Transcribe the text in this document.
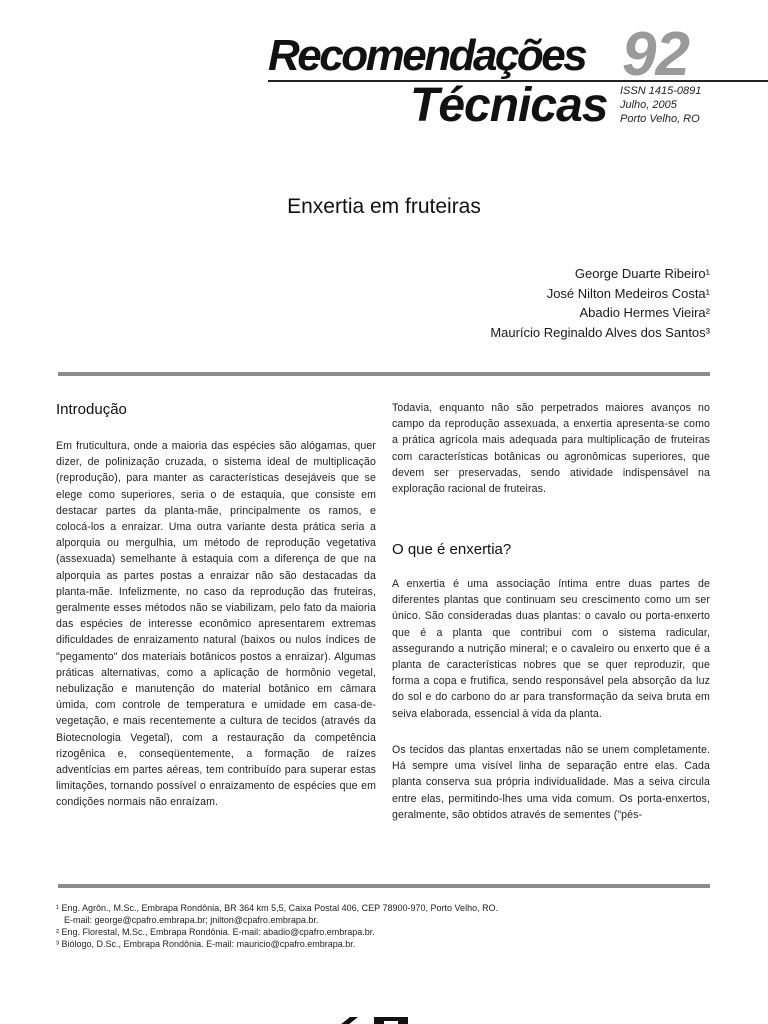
Recomendações
Técnicas
92
ISSN 1415-0891
Julho, 2005
Porto Velho, RO
Enxertia em fruteiras
George Duarte Ribeiro¹
José Nilton Medeiros Costa¹
Abadio Hermes Vieira²
Maurício Reginaldo Alves dos Santos³
Introdução

Em fruticultura, onde a maioria das espécies são alógamas, quer dizer, de polinização cruzada, o sistema ideal de multiplicação (reprodução), para manter as características desejáveis que se elege como superiores, seria o de estaquia, que consiste em destacar partes da planta-mãe, principalmente os ramos, e colocá-los a enraizar. Uma outra variante desta prática seria a alporquia ou mergulhia, um método de reprodução vegetativa (assexuada) semelhante à estaquia com a diferença de que na alporquia as partes postas a enraizar não são destacadas da planta-mãe. Infelizmente, no caso da reprodução das fruteiras, geralmente esses métodos não se viabilizam, pelo fato da maioria das espécies de interesse econômico apresentarem extremas dificuldades de enraizamento natural (baixos ou nulos índices de "pegamento" dos materiais botânicos postos a enraizar). Algumas práticas alternativas, como a aplicação de hormônio vegetal, nebulização e manutenção do material botânico em câmara úmida, com controle de temperatura e umidade em casa-de-vegetação, e mais recentemente a cultura de tecidos (através da Biotecnologia Vegetal), com a restauração da competência rizogênica e, conseqüentemente, a formação de raízes adventícias em partes aéreas, tem contribuído para superar estas limitações, tornando possível o enraizamento de espécies que em condições normais não enraízam.

Todavia, enquanto não são perpetrados maiores avanços no campo da reprodução assexuada, a enxertia apresenta-se como a prática agrícola mais adequada para multiplicação de fruteiras com características botânicas ou agronômicas superiores, que devem ser preservadas, sendo atividade indispensável na exploração racional de fruteiras.

O que é enxertia?

A enxertia é uma associação íntima entre duas partes de diferentes plantas que continuam seu crescimento como um ser único. São consideradas duas plantas: o cavalo ou porta-enxerto que é a planta que contribui com o sistema radicular, assegurando a nutrição mineral; e o cavaleiro ou enxerto que é a planta de características nobres que se quer reproduzir, que forma a copa e frutifica, sendo responsável pela absorção da luz do sol e do carbono do ar para transformação da seiva bruta em seiva elaborada, essencial à vida da planta.

Os tecidos das plantas enxertadas não se unem completamente. Há sempre uma visível linha de separação entre elas. Cada planta conserva sua própria individualidade. Mas a seiva circula entre elas, permitindo-lhes uma vida comum. Os porta-enxertos, geralmente, são obtidos através de sementes ("pés-

¹ Eng. Agrôn., M.Sc., Embrapa Rondônia, BR 364 km 5,5, Caixa Postal 406, CEP 78900-970, Porto Velho, RO.
E-mail: george@cpafro.embrapa.br; jnilton@cpafro.embrapa.br.
² Eng. Florestal, M.Sc., Embrapa Rondônia. E-mail: abadio@cpafro.embrapa.br.
³ Biólogo, D.Sc., Embrapa Rondônia. E-mail: mauricio@cpafro.embrapa.br.
